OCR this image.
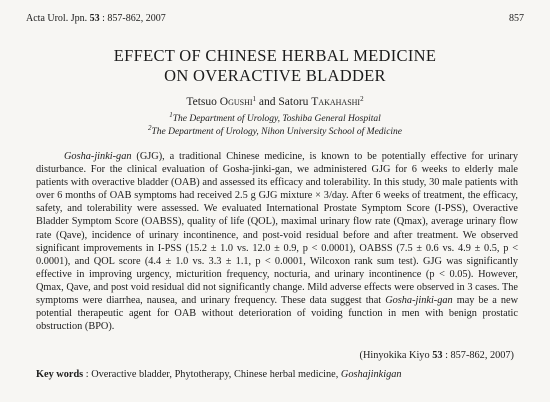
Acta Urol. Jpn. 53 : 857-862, 2007	857
EFFECT OF CHINESE HERBAL MEDICINE
ON OVERACTIVE BLADDER
Tetsuo Ogushi$^1$ and Satoru Takahashi$^2$
$^1$The Department of Urology, Toshiba General Hospital
$^2$The Department of Urology, Nihon University School of Medicine
Gosha-jinki-gan (GJG), a traditional Chinese medicine, is known to be potentially effective for urinary disturbance. For the clinical evaluation of Gosha-jinki-gan, we administered GJG for 6 weeks to elderly male patients with overactive bladder (OAB) and assessed its efficacy and tolerability. In this study, 30 male patients with over 6 months of OAB symptoms had received 2.5 g GJG mixture × 3/day. After 6 weeks of treatment, the efficacy, safety, and tolerability were assessed. We evaluated International Prostate Symptom Score (I-PSS), Overactive Bladder Symptom Score (OABSS), quality of life (QOL), maximal urinary flow rate (Qmax), average urinary flow rate (Qave), incidence of urinary incontinence, and post-void residual before and after treatment. We observed significant improvements in I-PSS (15.2 ± 1.0 vs. 12.0 ± 0.9, p < 0.0001), OABSS (7.5 ± 0.6 vs. 4.9 ± 0.5, p < 0.0001), and QOL score (4.4 ± 1.0 vs. 3.3 ± 1.1, p < 0.0001, Wilcoxon rank sum test). GJG was significantly effective in improving urgency, micturition frequency, nocturia, and urinary incontinence (p < 0.05). However, Qmax, Qave, and post void residual did not significantly change. Mild adverse effects were observed in 3 cases. The symptoms were diarrhea, nausea, and urinary frequency. These data suggest that Gosha-jinki-gan may be a new potential therapeutic agent for OAB without deterioration of voiding function in men with benign prostatic obstruction (BPO).
(Hinyokika Kiyo 53 : 857-862, 2007)
Key words : Overactive bladder, Phytotherapy, Chinese herbal medicine, Goshajinkigan
